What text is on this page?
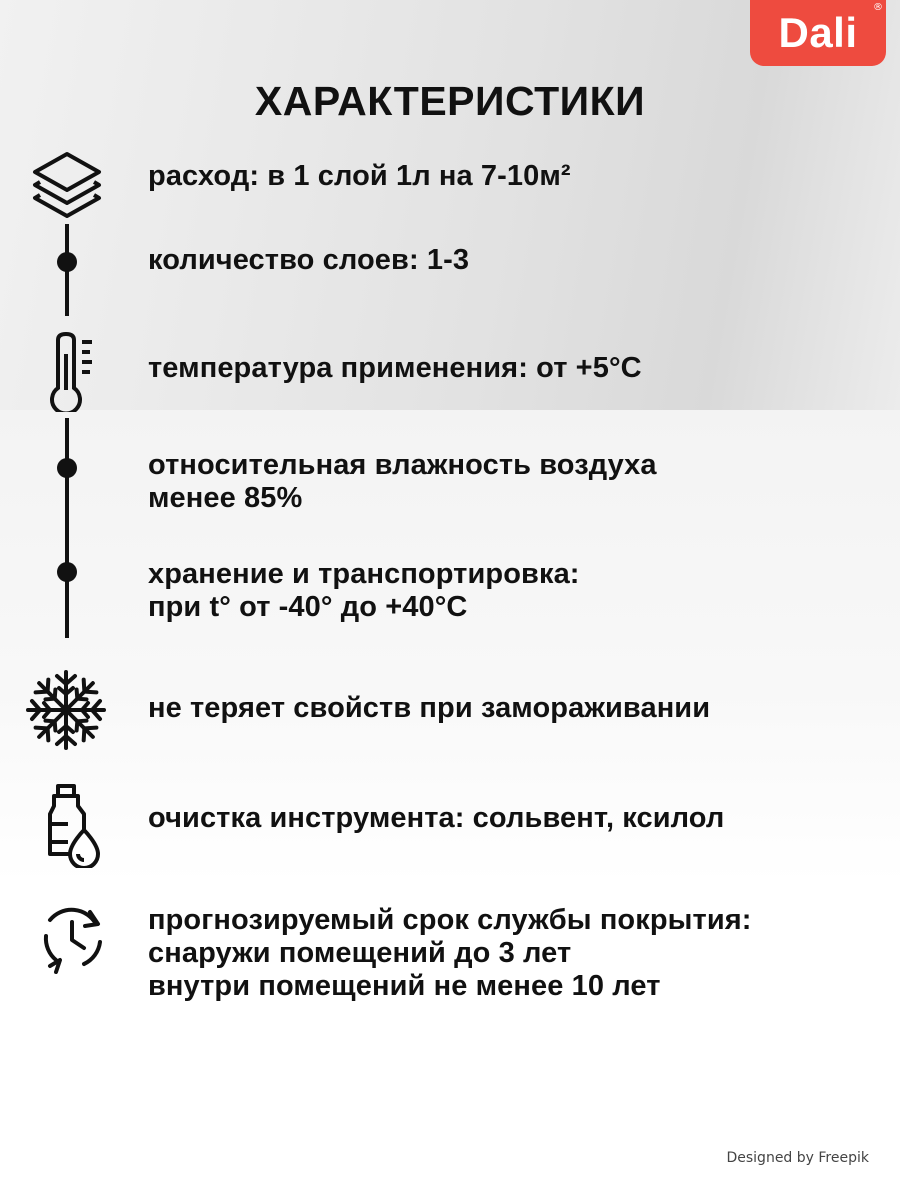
Dali
®
ХАРАКТЕРИСТИКИ
расход: в 1 слой 1л на 7-10м²
количество слоев: 1-3
температура применения: от +5°С
относительная влажность воздуха
менее 85%
хранение и транспортировка:
при t° от -40° до +40°С
не теряет свойств при замораживании
очистка инструмента: сольвент, ксилол
прогнозируемый срок службы покрытия:
снаружи помещений до 3 лет
внутри помещений не менее 10 лет
Designed by Freepik
